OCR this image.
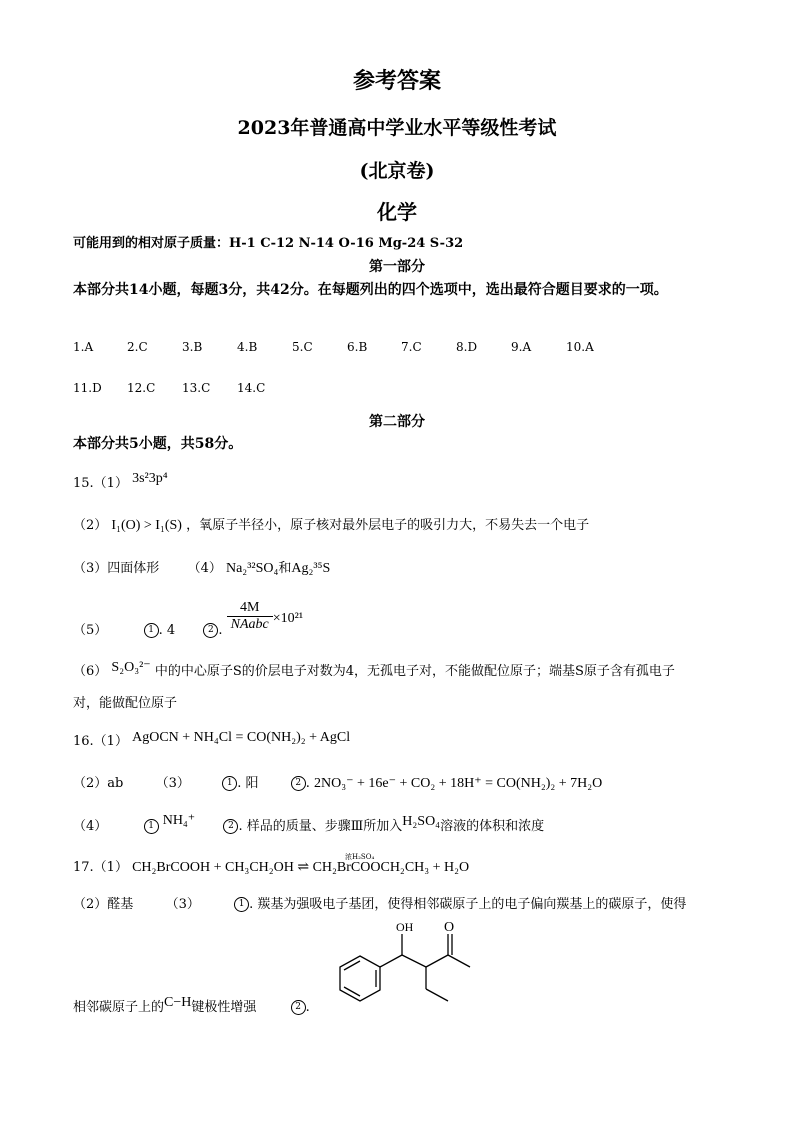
参考答案
2023年普通高中学业水平等级性考试
(北京卷)
化学
可能用到的相对原子质量：H-1 C-12 N-14 O-16 Mg-24 S-32
第一部分
本部分共14小题，每题3分，共42分。在每题列出的四个选项中，选出最符合题目要求的一项。
1.A	2.C	3.B	4.B	5.C	6.B	7.C	8.D	9.A	10.A
11.D 12.C 13.C 14.C
第二部分
本部分共5小题，共58分。
15.（1） 3s²3p⁴
（2） I₁(O) > I₁(S) ，氧原子半径小，原子核对最外层电子的吸引力大，不易失去一个电子
（3）四面体形 （4） Na₂³²SO₄和Ag₂³⁵S
（5）	1 . 4	2 . $\frac{4M}{\text{NAabc}} \times 10^{21}$
（6） S₂O₃²⁻ 中的中心原子S的价层电子对数为4，无孤电子对，不能做配位原子；端基S原子含有孤电子
对，能做配位原子
16.（1） AgOCN + NH₄Cl = CO(NH₂)₂ + AgCl
（2）ab （3）	1 . 阳	2 . 2NO₃⁻ + 16e⁻ + CO₂ + 18H⁺ = CO(NH₂)₂ + 7H₂O
（4）	1 NH₄⁺	2 . 样品的质量、步骤Ⅲ所加入H₂SO₄溶液的体积和浓度
17.（1） CH₂BrCOOH + CH₃CH₂OH ⇌ CH₂BrCOOCH₂CH₃ + H₂O
浓H₂SO₄
（2）醛基 （3）	1 . 羰基为强吸电子基团，使得相邻碳原子上的电子偏向羰基上的碳原子，使得
相邻碳原子上的C−H键极性增强	2 .
OH O
